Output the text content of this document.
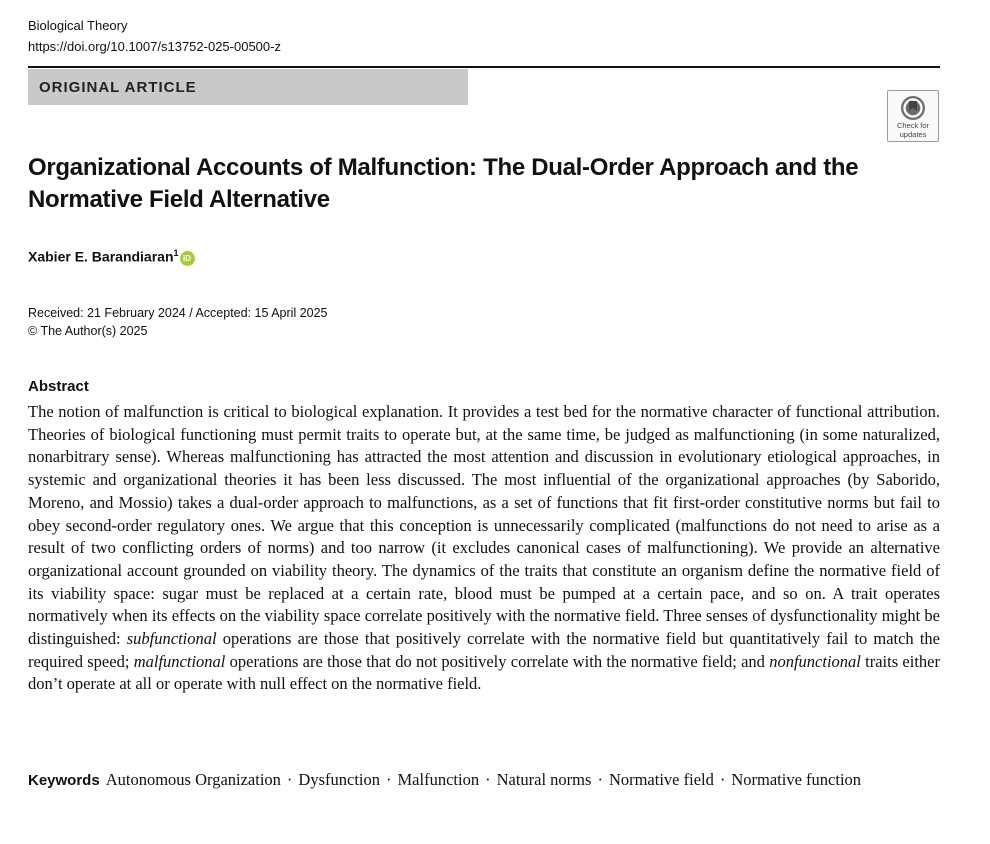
Biological Theory
https://doi.org/10.1007/s13752-025-00500-z
ORIGINAL ARTICLE
Check for
updates
Organizational Accounts of Malfunction: The Dual-Order Approach and the Normative Field Alternative
Xabier E. Barandiaran$^1$iD
Received: 21 February 2024 / Accepted: 15 April 2025
© The Author(s) 2025
Abstract

The notion of malfunction is critical to biological explanation. It provides a test bed for the normative character of functional attribution. Theories of biological functioning must permit traits to operate but, at the same time, be judged as malfunctioning (in some naturalized, nonarbitrary sense). Whereas malfunctioning has attracted the most attention and discussion in evolutionary etiological approaches, in systemic and organizational theories it has been less discussed. The most influential of the organizational approaches (by Saborido, Moreno, and Mossio) takes a dual-order approach to malfunctions, as a set of functions that fit first-order constitutive norms but fail to obey second-order regulatory ones. We argue that this conception is unnecessarily complicated (malfunctions do not need to arise as a result of two conflicting orders of norms) and too narrow (it excludes canonical cases of malfunctioning). We provide an alternative organizational account grounded on viability theory. The dynamics of the traits that constitute an organism define the normative field of its viability space: sugar must be replaced at a certain rate, blood must be pumped at a certain pace, and so on. A trait operates normatively when its effects on the viability space correlate positively with the normative field. Three senses of dysfunctionality might be distinguished: subfunctional operations are those that positively correlate with the normative field but quantitatively fail to match the required speed; malfunctional operations are those that do not positively correlate with the normative field; and nonfunctional traits either don’t operate at all or operate with null effect on the normative field.

Keywords Autonomous Organization · Dysfunction · Malfunction · Natural norms · Normative field · Normative function
